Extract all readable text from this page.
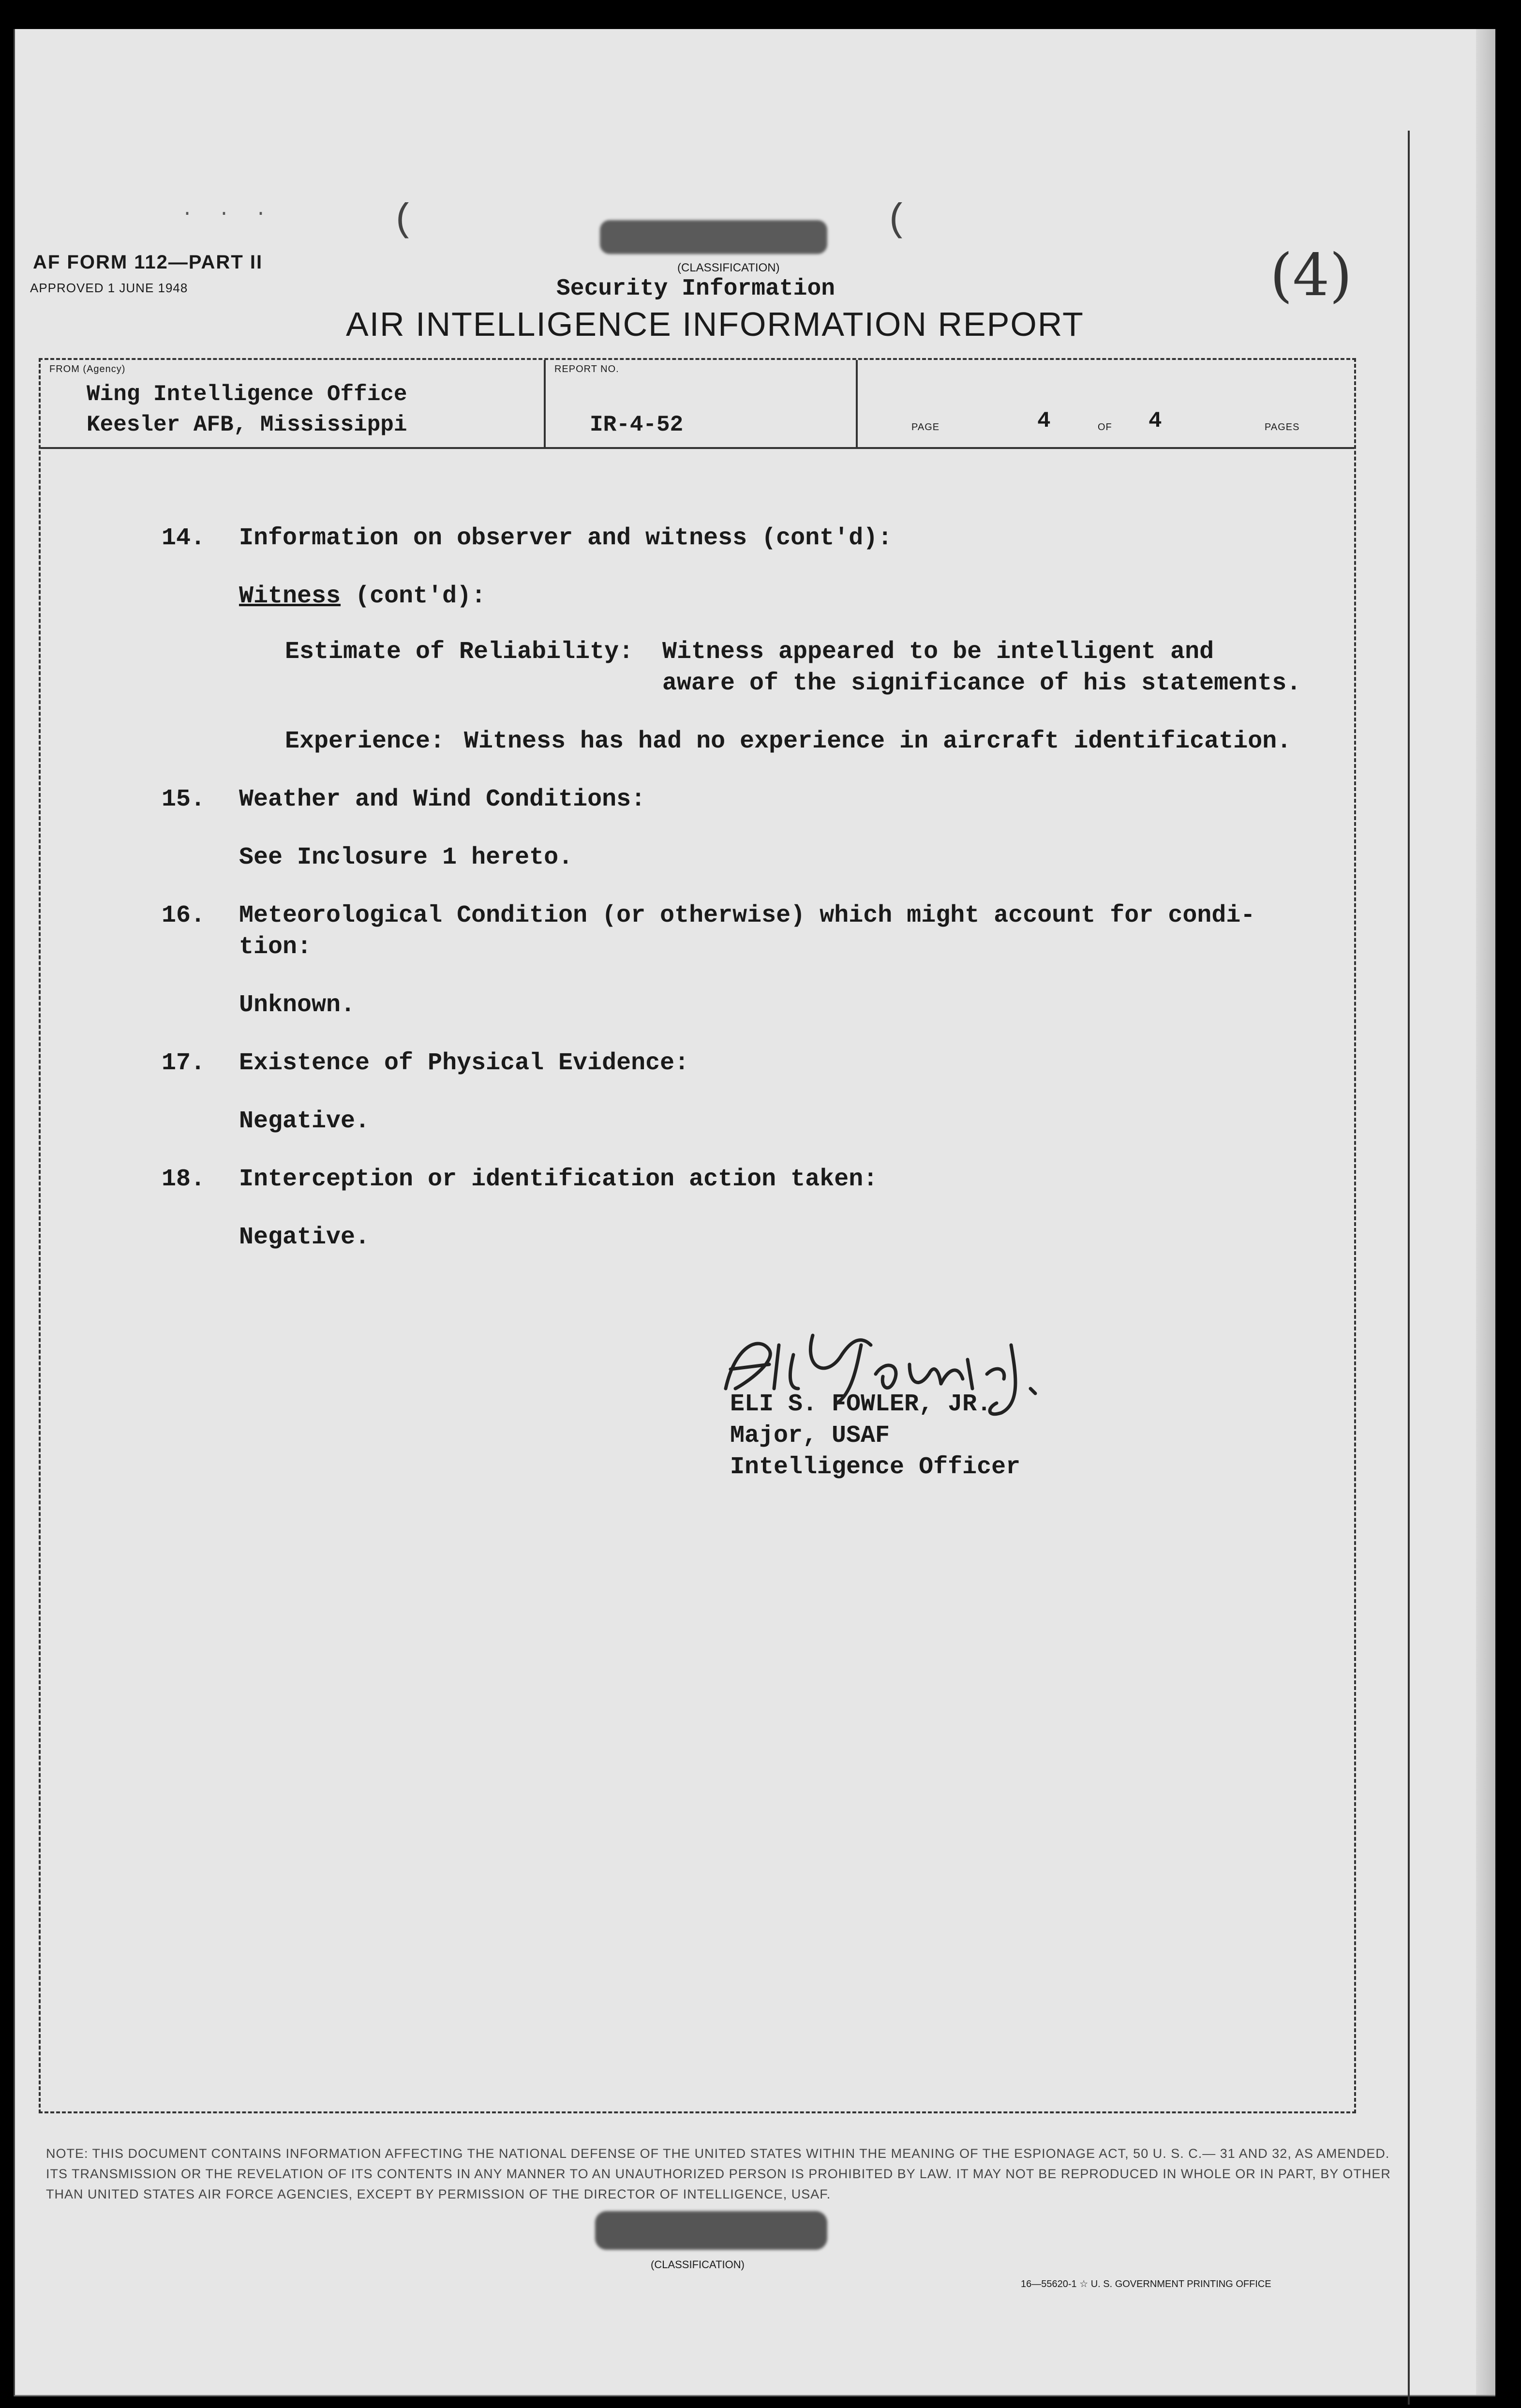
· · ·	(	(
AF FORM 112—PART II
APPROVED 1 JUNE 1948
(CLASSIFICATION)
Security Information
AIR INTELLIGENCE INFORMATION REPORT
(4)
FROM (Agency)
Wing Intelligence Office
Keesler AFB, Mississippi
REPORT NO.
IR-4-52	PAGE	4	OF 4	PAGES
14. Information on observer and witness (cont'd):
Witness (cont'd):
Estimate of Reliability: Witness appeared to be intelligent and
aware of the significance of his statements.
Experience: Witness has had no experience in aircraft identification.
15. Weather and Wind Conditions:
See Inclosure 1 hereto.
16. Meteorological Condition (or otherwise) which might account for condi-
tion:
Unknown.
17. Existence of Physical Evidence:
Negative.
18. Interception or identification action taken:
Negative.
ELI S. FOWLER, JR.
Major, USAF
Intelligence Officer
NOTE: THIS DOCUMENT CONTAINS INFORMATION AFFECTING THE NATIONAL DEFENSE OF THE UNITED STATES WITHIN THE MEANING OF THE ESPIONAGE ACT, 50 U. S. C.— 31 AND 32, AS AMENDED. ITS TRANSMISSION OR THE REVELATION OF ITS CONTENTS IN ANY MANNER TO AN UNAUTHORIZED PERSON IS PROHIBITED BY LAW. IT MAY NOT BE REPRODUCED IN WHOLE OR IN PART, BY OTHER THAN UNITED STATES AIR FORCE AGENCIES, EXCEPT BY PERMISSION OF THE DIRECTOR OF INTELLIGENCE, USAF.
(CLASSIFICATION)
16—55620-1 ☆ U. S. GOVERNMENT PRINTING OFFICE
